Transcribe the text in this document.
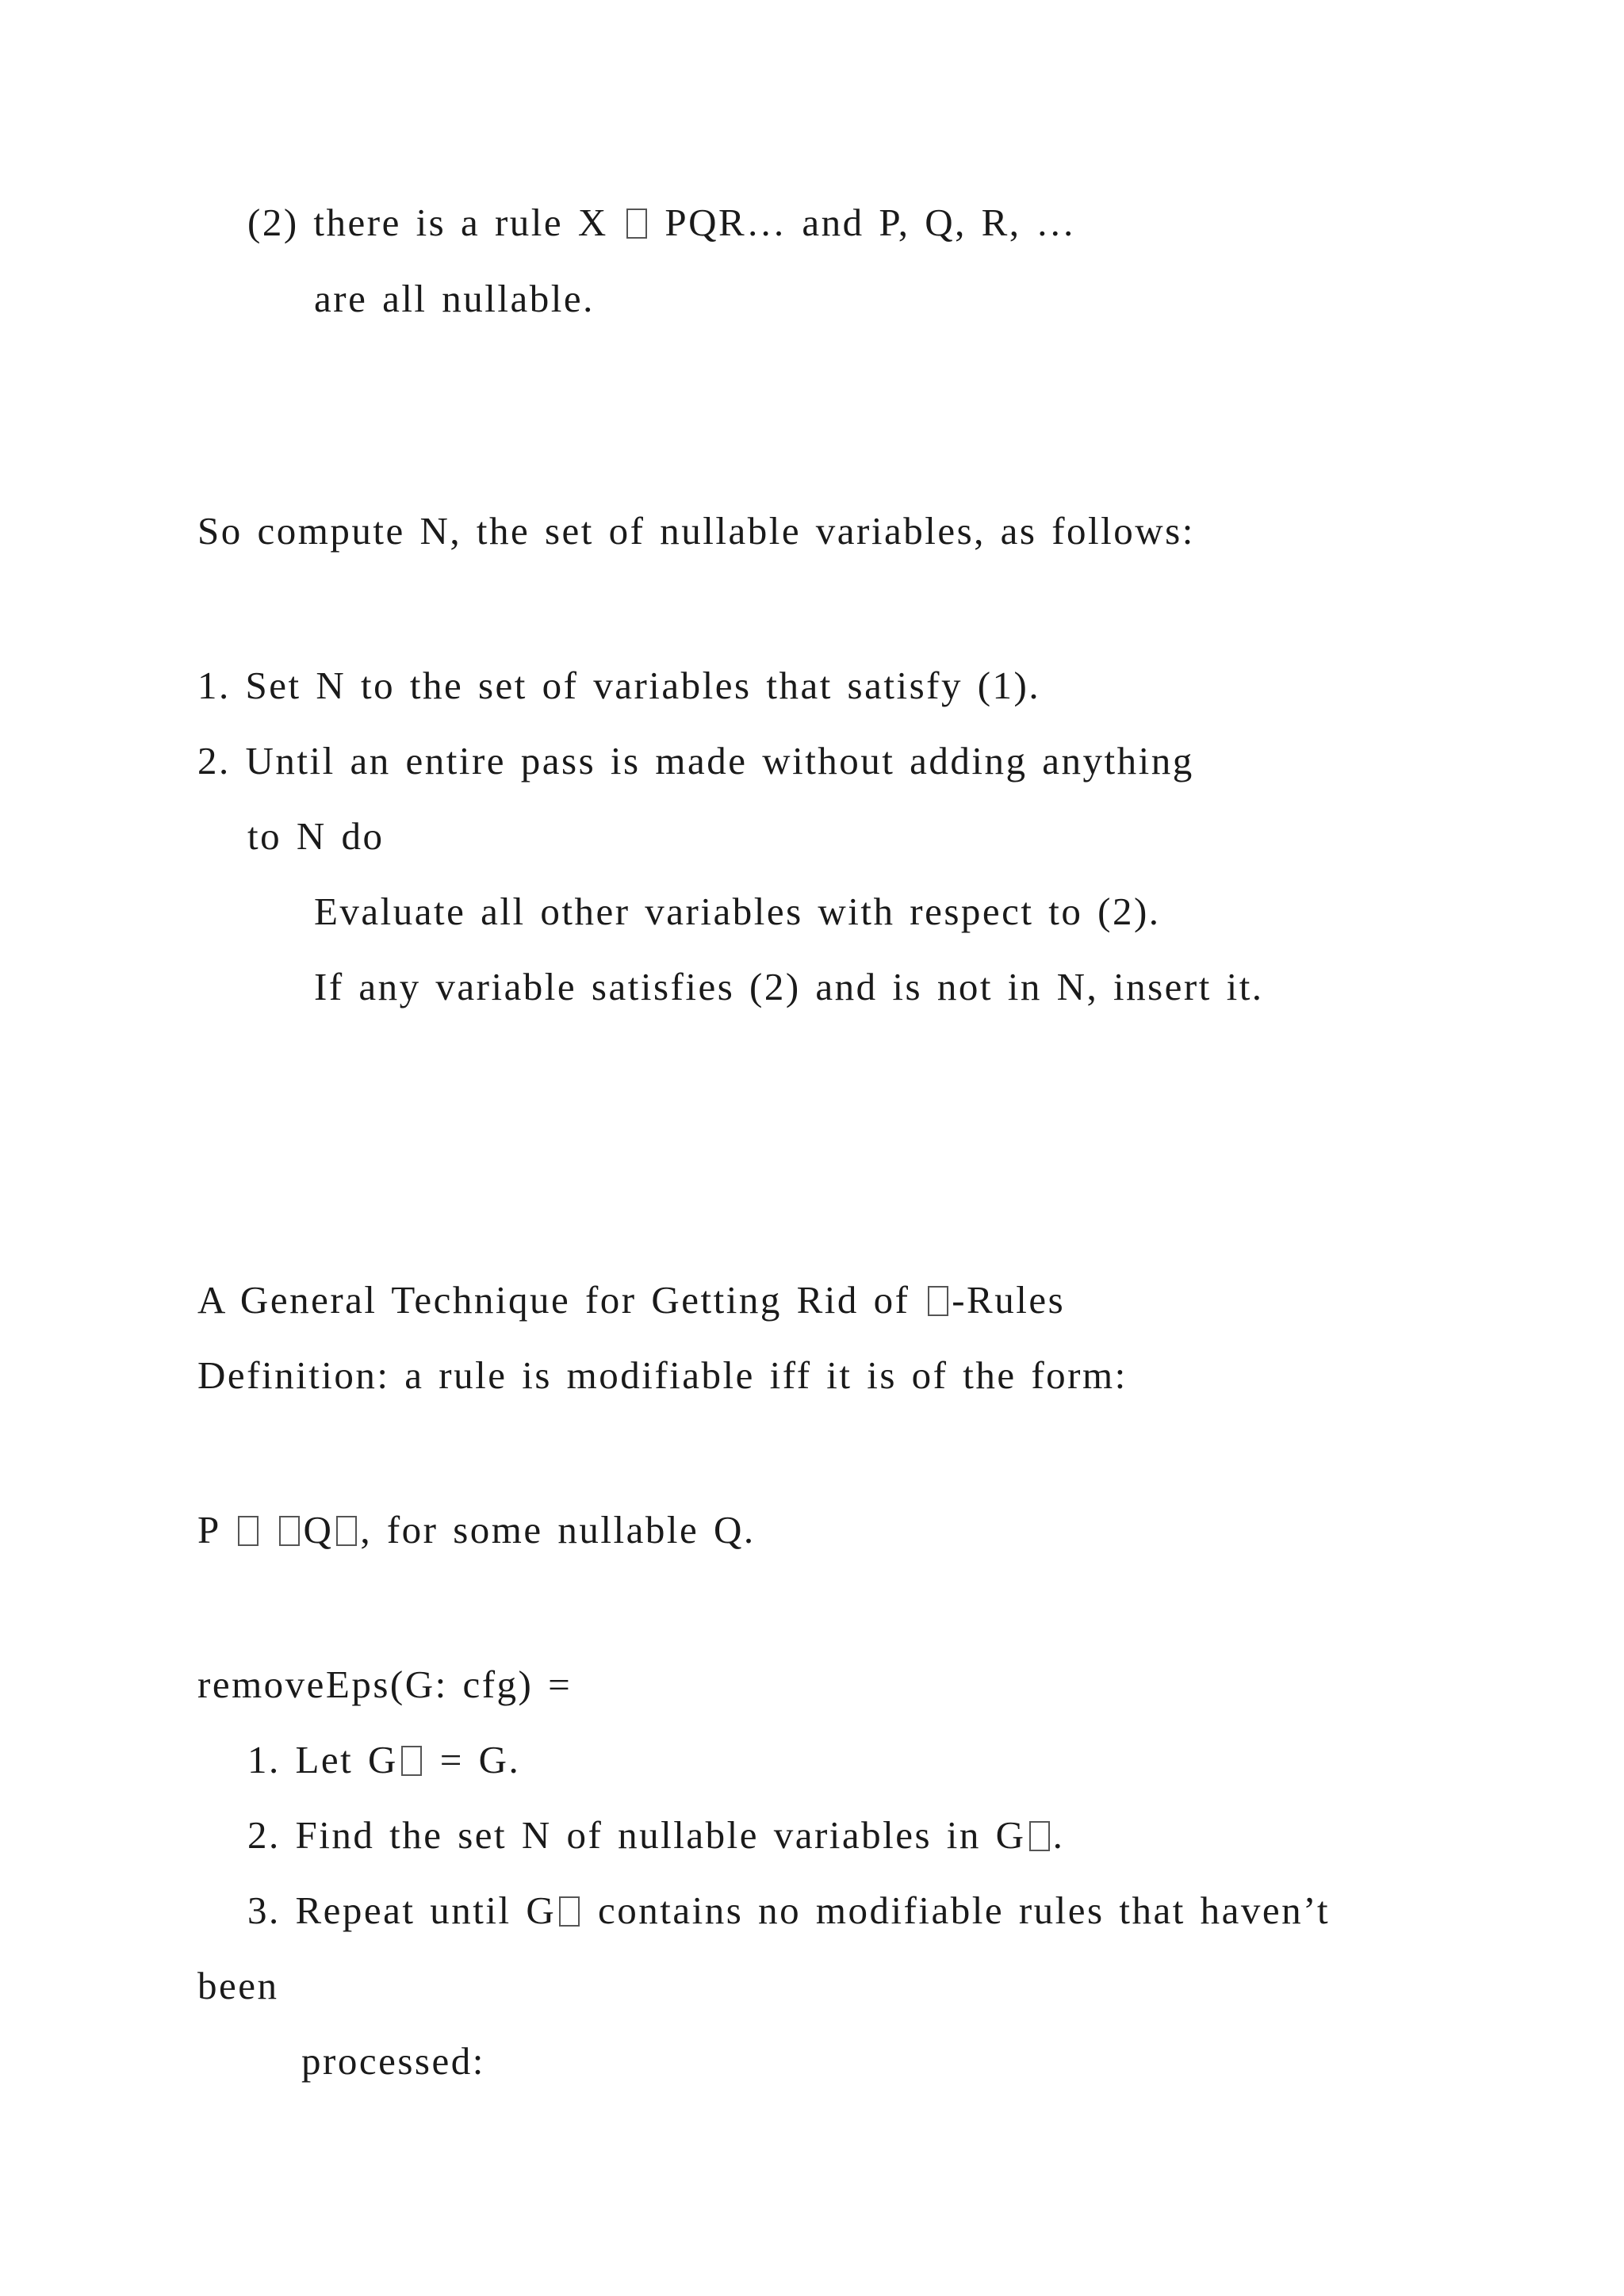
(2) there is a rule X  PQR… and P, Q, R, …
are all nullable.
So compute N, the set of nullable variables, as follows:
1. Set N to the set of variables that satisfy (1).
2. Until an entire pass is made without adding anything
to N do
Evaluate all other variables with respect to (2).
If any variable satisfies (2) and is not in N, insert it.
A General Technique for Getting Rid of -Rules
Definition: a rule is modifiable iff it is of the form:
P  Q , for some nullable Q.
removeEps(G: cfg) =
1. Let G = G.
2. Find the set N of nullable variables in G .
3. Repeat until G contains no modifiable rules that haven’t
been
processed:
